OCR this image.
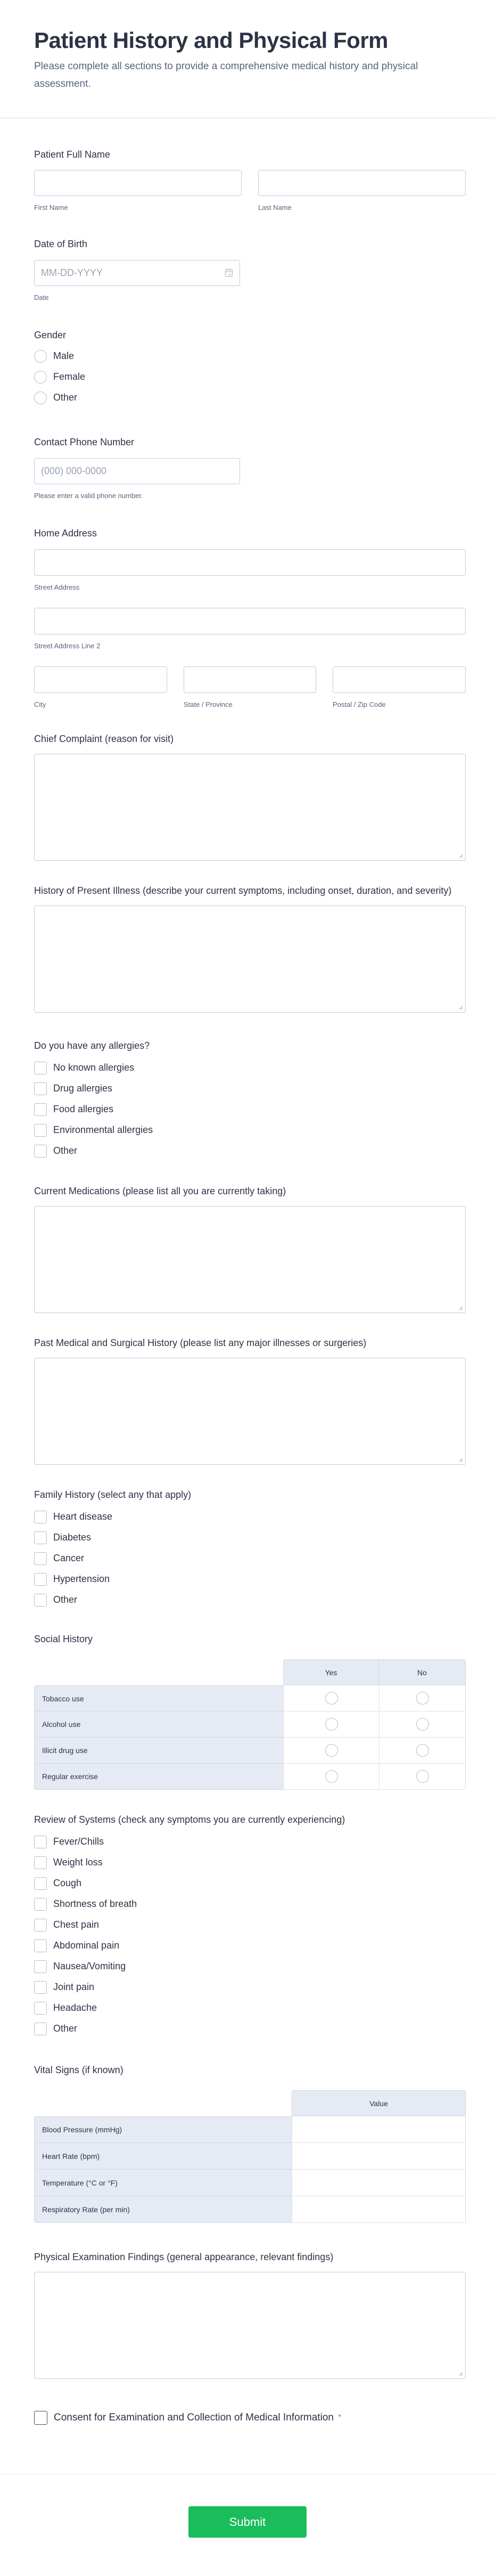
Patient History and Physical Form

Please complete all sections to provide a comprehensive medical history and physical assessment.

Patient Full Name
First Name	Last Name
Date of Birth
MM-DD-YYYY
Date
Gender
Male
Female
Other
Contact Phone Number
(000) 000-0000
Please enter a valid phone number.
Home Address
Street Address
Street Address Line 2
City	State / Province	Postal / Zip Code
Chief Complaint (reason for visit)
History of Present Illness (describe your current symptoms, including onset, duration, and severity)
Do you have any allergies?
No known allergies
Drug allergies
Food allergies
Environmental allergies
Other
Current Medications (please list all you are currently taking)
Past Medical and Surgical History (please list any major illnesses or surgeries)
Family History (select any that apply)
Heart disease
Diabetes
Cancer
Hypertension
Other
Social History
Yes	No
Tobacco use
Alcohol use
Illicit drug use
Regular exercise
Review of Systems (check any symptoms you are currently experiencing)
Fever/Chills
Weight loss
Cough
Shortness of breath
Chest pain
Abdominal pain
Nausea/Vomiting
Joint pain
Headache
Other
Vital Signs (if known)
Value
Blood Pressure (mmHg)
Heart Rate (bpm)
Temperature (°C or °F)
Respiratory Rate (per min)
Physical Examination Findings (general appearance, relevant findings)
Consent for Examination and Collection of Medical Information *
Submit
